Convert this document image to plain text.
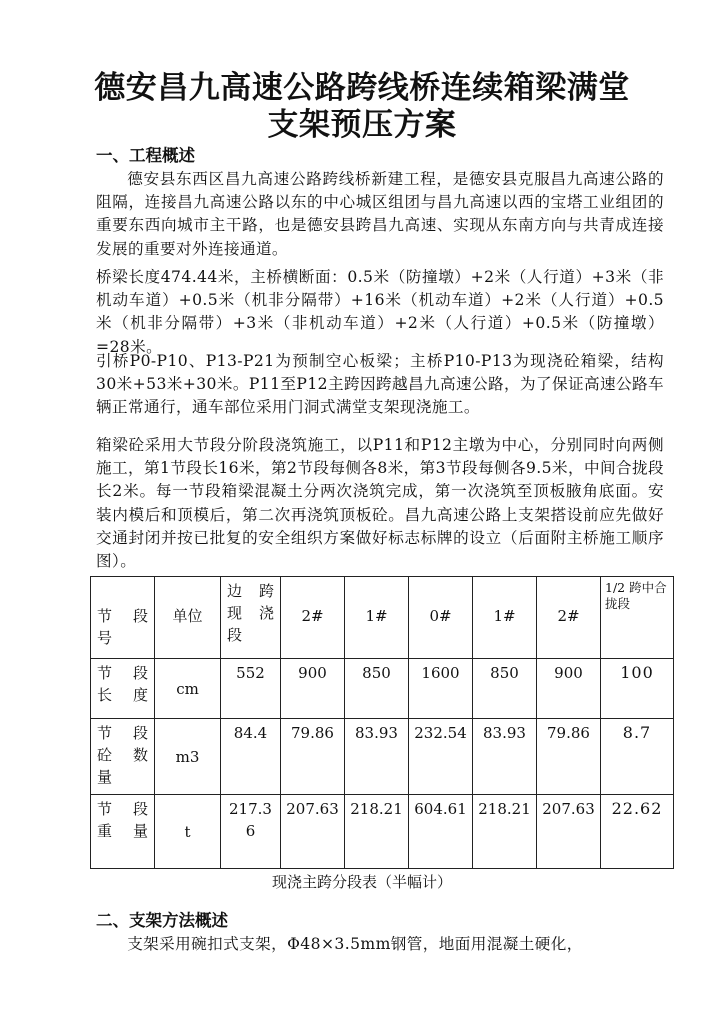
德安昌九高速公路跨线桥连续箱梁满堂
支架预压方案
一、工程概述

德安县东西区昌九高速公路跨线桥新建工程，是德安县克服昌九高速公路的阻隔，连接昌九高速公路以东的中心城区组团与昌九高速以西的宝塔工业组团的重要东西向城市主干路，也是德安县跨昌九高速、实现从东南方向与共青成连接发展的重要对外连接通道。

桥梁长度474.44米，主桥横断面：0.5米（防撞墩）+2米（人行道）+3米（非机动车道）+0.5米（机非分隔带）+16米（机动车道）+2米（人行道）+0.5米（机非分隔带）+3米（非机动车道）+2米（人行道）+0.5米（防撞墩）=28米。

引桥P0-P10、P13-P21为预制空心板梁；主桥P10-P13为现浇砼箱梁，结构30米+53米+30米。P11至P12主跨因跨越昌九高速公路，为了保证高速公路车辆正常通行，通车部位采用门洞式满堂支架现浇施工。

箱梁砼采用大节段分阶段浇筑施工，以P11和P12主墩为中心，分别同时向两侧施工，第1节段长16米，第2节段每侧各8米，第3节段每侧各9.5米，中间合拢段长2米。每一节段箱梁混凝土分两次浇筑完成，第一次浇筑至顶板腋角底面。安装内模后和顶模后，第二次再浇筑顶板砼。昌九高速公路上支架搭设前应先做好交通封闭并按已批复的安全组织方案做好标志标牌的设立（后面附主桥施工顺序图）。

节 段 号	单位	边 跨 现 浇 段	2#	1#	0#	1#	2#	1/2 跨中合拢段
节 段 长度	cm	552	900	850	1600	850	900	100
节 段 砼 数 量	m3	84.4	79.86	83.93	232.54	83.93	79.86	8.7
节 段 重量	t	217.36	207.63	218.21	604.61	218.21	207.63	22.62
现浇主跨分段表（半幅计）
二、支架方法概述

支架采用碗扣式支架，Φ48×3.5mm钢管，地面用混凝土硬化，
